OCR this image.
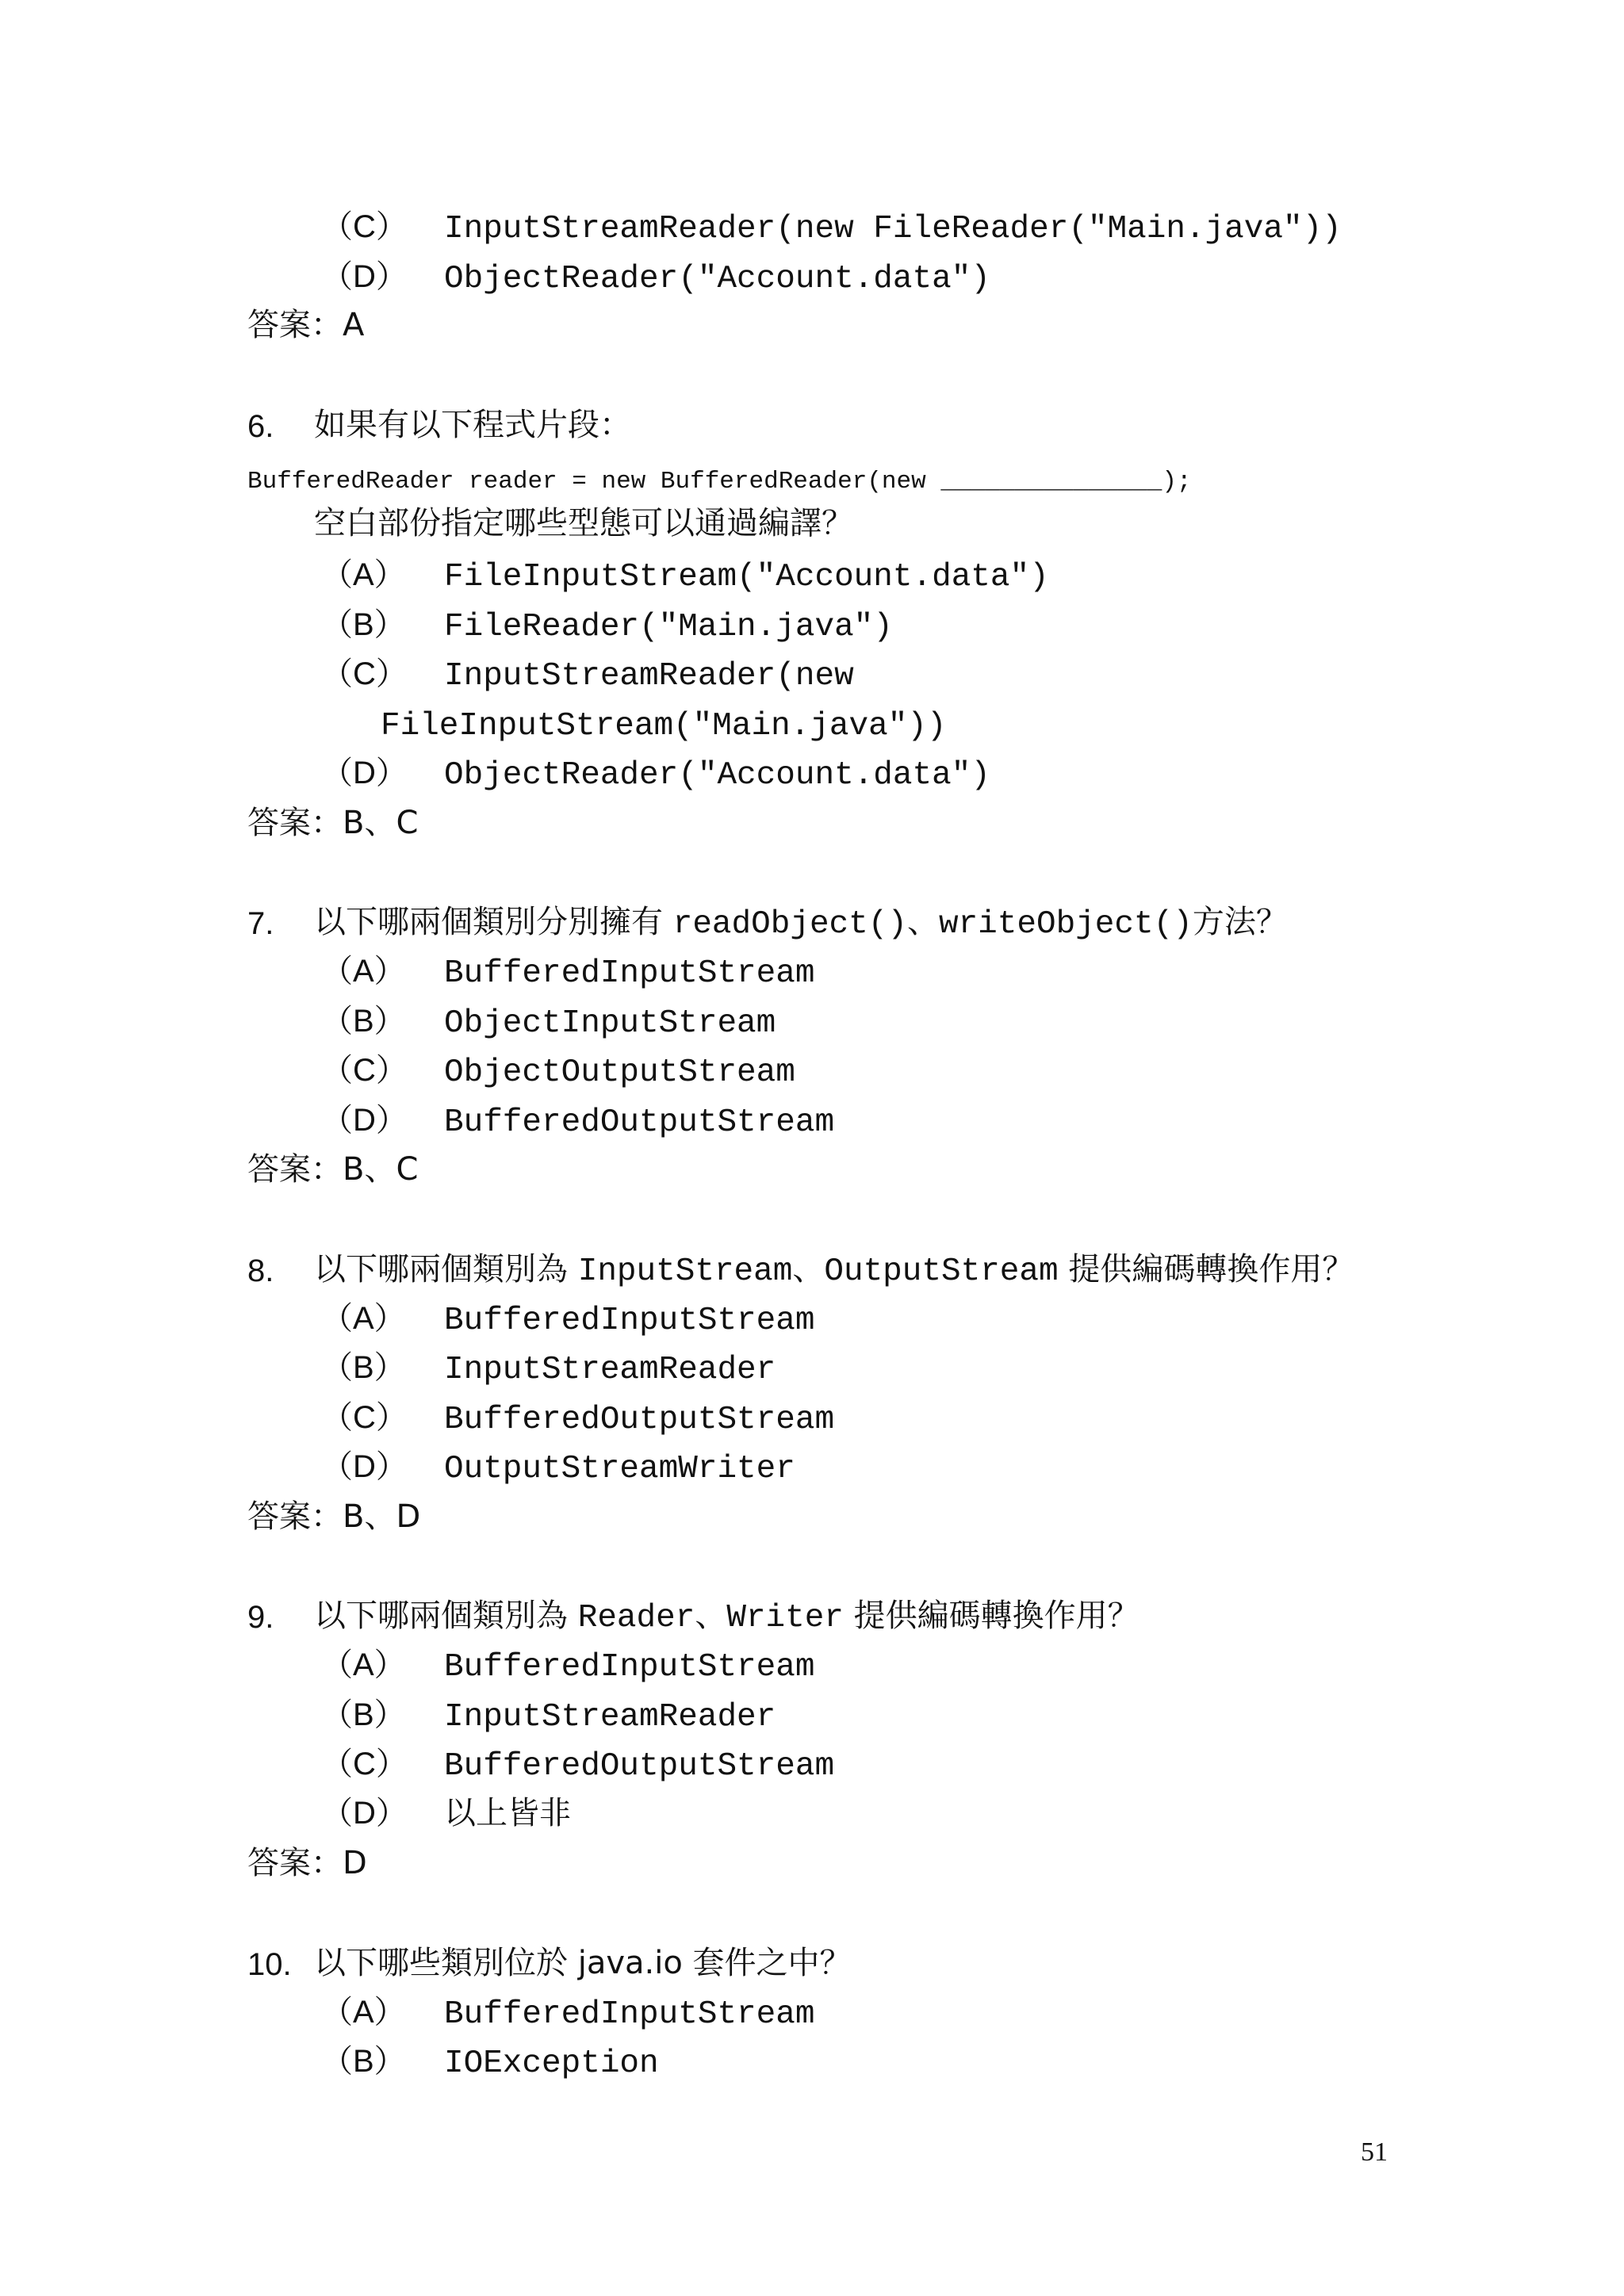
（C） InputStreamReader(new FileReader("Main.java"))
（D） ObjectReader("Account.data")
答案：A
6. 如果有以下程式片段：
BufferedReader reader = new BufferedReader(new _______________);
空白部份指定哪些型態可以通過編譯？
（A） FileInputStream("Account.data")
（B） FileReader("Main.java")
（C） InputStreamReader(new
FileInputStream("Main.java"))
（D） ObjectReader("Account.data")
答案：B、C
7. 以下哪兩個類別分別擁有 readObject()、writeObject()方法？
（A） BufferedInputStream
（B） ObjectInputStream
（C） ObjectOutputStream
（D） BufferedOutputStream
答案：B、C
8. 以下哪兩個類別為 InputStream、OutputStream 提供編碼轉換作用？
（A） BufferedInputStream
（B） InputStreamReader
（C） BufferedOutputStream
（D） OutputStreamWriter
答案：B、D
9. 以下哪兩個類別為 Reader、Writer 提供編碼轉換作用？
（A） BufferedInputStream
（B） InputStreamReader
（C） BufferedOutputStream
（D） 以上皆非
答案：D
10. 以下哪些類別位於 java.io 套件之中？
（A） BufferedInputStream
（B） IOException
51
